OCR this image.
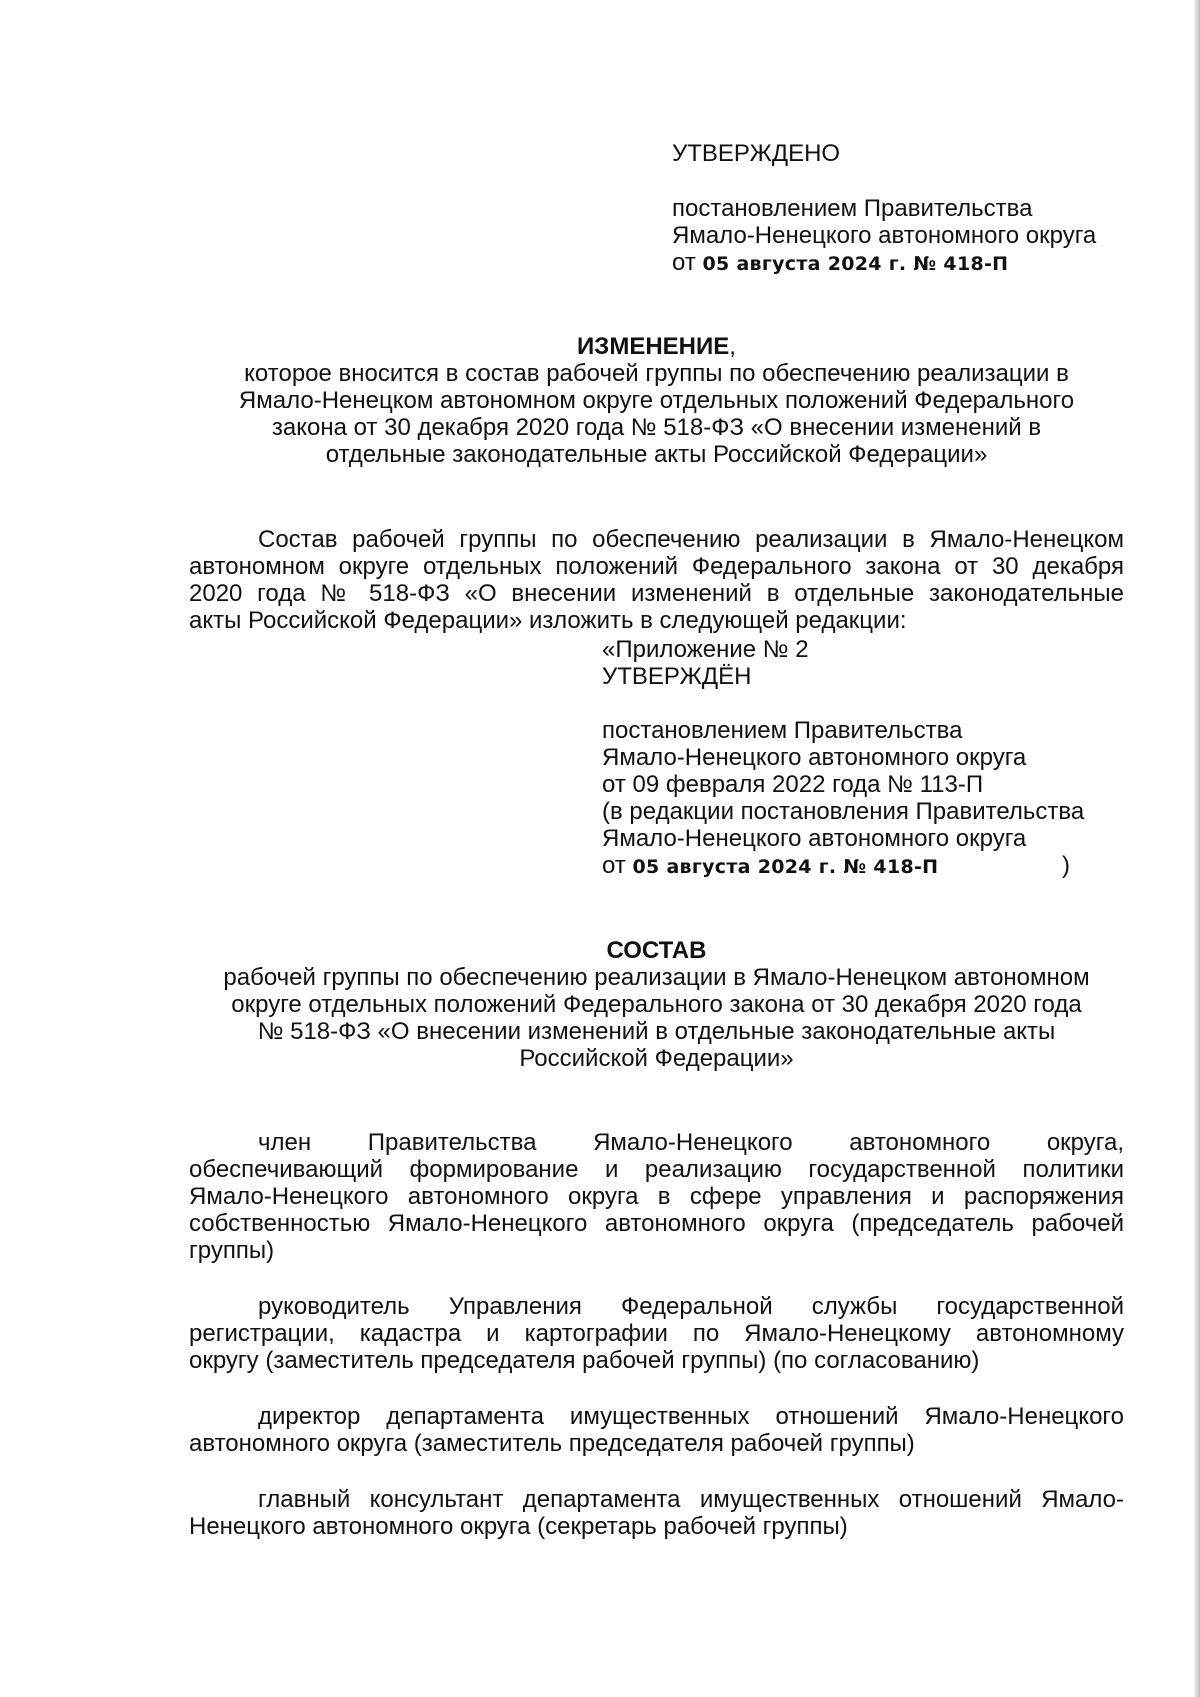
УТВЕРЖДЕНО
постановлением Правительства
Ямало-Ненецкого автономного округа
от 05 августа 2024 г. № 418-П
ИЗМЕНЕНИЕ,
которое вносится в состав рабочей группы по обеспечению реализации в
Ямало-Ненецком автономном округе отдельных положений Федерального
закона от 30 декабря 2020 года № 518-ФЗ «О внесении изменений в
отдельные законодательные акты Российской Федерации»
Состав рабочей группы по обеспечению реализации в Ямало-Ненецком
автономном округе отдельных положений Федерального закона от 30 декабря
2020 года № 518-ФЗ «О внесении изменений в отдельные законодательные
акты Российской Федерации» изложить в следующей редакции:
«Приложение № 2
УТВЕРЖДЁН
постановлением Правительства
Ямало-Ненецкого автономного округа
от 09 февраля 2022 года № 113-П
(в редакции постановления Правительства
Ямало-Ненецкого автономного округа
от 05 августа 2024 г. № 418-П	)
СОСТАВ
рабочей группы по обеспечению реализации в Ямало-Ненецком автономном
округе отдельных положений Федерального закона от 30 декабря 2020 года
№ 518-ФЗ «О внесении изменений в отдельные законодательные акты
Российской Федерации»
член Правительства Ямало-Ненецкого автономного округа,
обеспечивающий формирование и реализацию государственной политики
Ямало-Ненецкого автономного округа в сфере управления и распоряжения
собственностью Ямало-Ненецкого автономного округа (председатель рабочей
группы)
руководитель Управления Федеральной службы государственной
регистрации, кадастра и картографии по Ямало-Ненецкому автономному
округу (заместитель председателя рабочей группы) (по согласованию)
директор департамента имущественных отношений Ямало-Ненецкого
автономного округа (заместитель председателя рабочей группы)
главный консультант департамента имущественных отношений Ямало-
Ненецкого автономного округа (секретарь рабочей группы)
